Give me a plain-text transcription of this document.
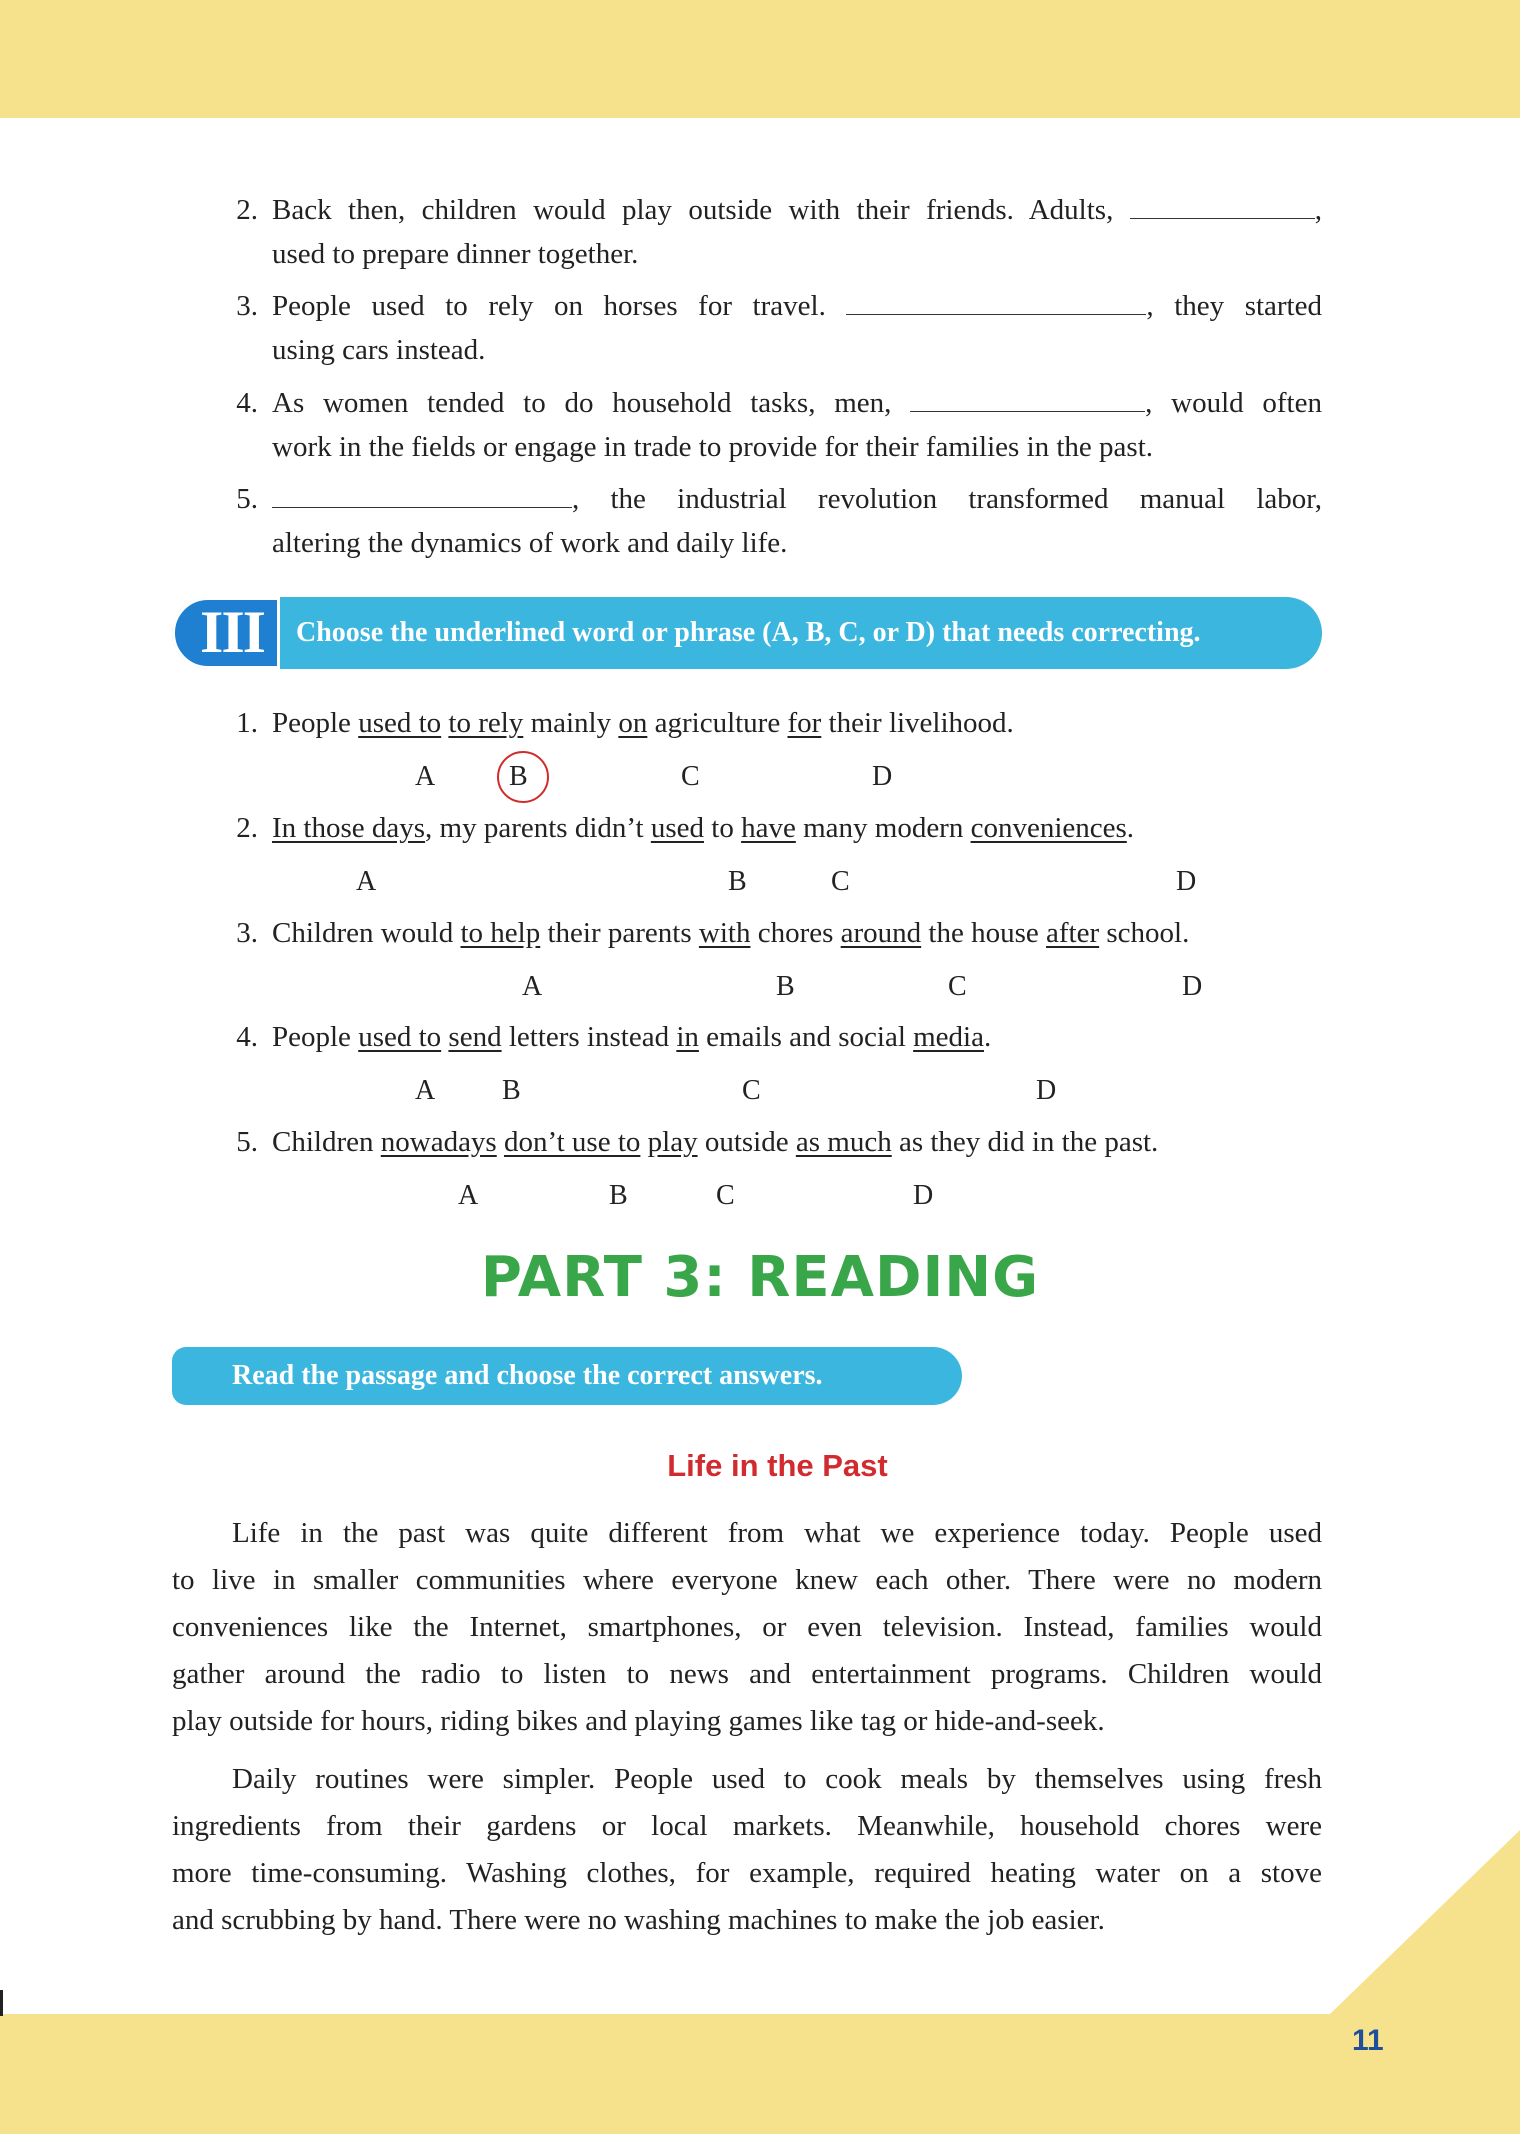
11
2. Back then, children would play outside with their friends. Adults,	,
used to prepare dinner together.
3. People used to rely on horses for travel.	, they started
using cars instead.
4. As women tended to do household tasks, men,	, would often
work in the fields or engage in trade to provide for their families in the past.
5.	, the industrial revolution transformed manual labor,
altering the dynamics of work and daily life.
III	Choose the underlined word or phrase (A, B, C, or D) that needs correcting.
1. People used to to rely mainly on agriculture for their livelihood.
A	B	C	D
2. In those days, my parents didn’t used to have many modern conveniences.
A	B	C	D
3. Children would to help their parents with chores around the house after school.
A	B	C	D
4. People used to send letters instead in emails and social media.
A B	C	D
5. Children nowadays don’t use to play outside as much as they did in the past.
A	B	C	D
PART 3: READING
Read the passage and choose the correct answers.
Life in the Past
Life in the past was quite different from what we experience today. People used
to live in smaller communities where everyone knew each other. There were no modern
conveniences like the Internet, smartphones, or even television. Instead, families would
gather around the radio to listen to news and entertainment programs. Children would
play outside for hours, riding bikes and playing games like tag or hide-and-seek.
Daily routines were simpler. People used to cook meals by themselves using fresh
ingredients from their gardens or local markets. Meanwhile, household chores were
more time-consuming. Washing clothes, for example, required heating water on a stove
and scrubbing by hand. There were no washing machines to make the job easier.
